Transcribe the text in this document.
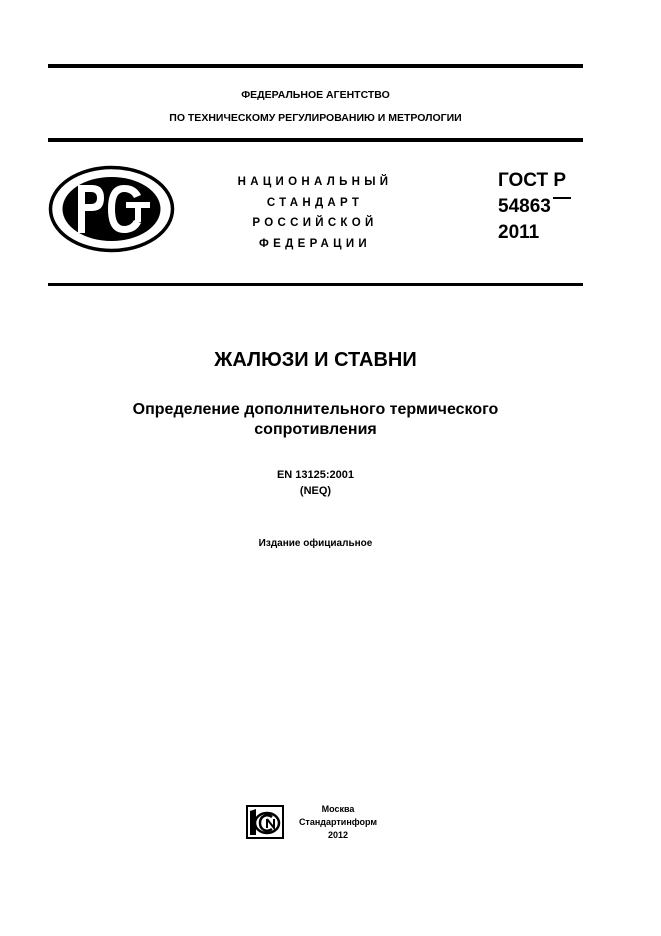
ФЕДЕРАЛЬНОЕ АГЕНТСТВО
ПО ТЕХНИЧЕСКОМУ РЕГУЛИРОВАНИЮ И МЕТРОЛОГИИ
НАЦИОНАЛЬНЫЙ
СТАНДАРТ
РОССИЙСКОЙ
ФЕДЕРАЦИИ
ГОСТ Р
54863
2011
ЖАЛЮЗИ И СТАВНИ
Определение дополнительного термического
сопротивления
EN 13125:2001
(NEQ)
Издание официальное
Москва
Стандартинформ
2012
